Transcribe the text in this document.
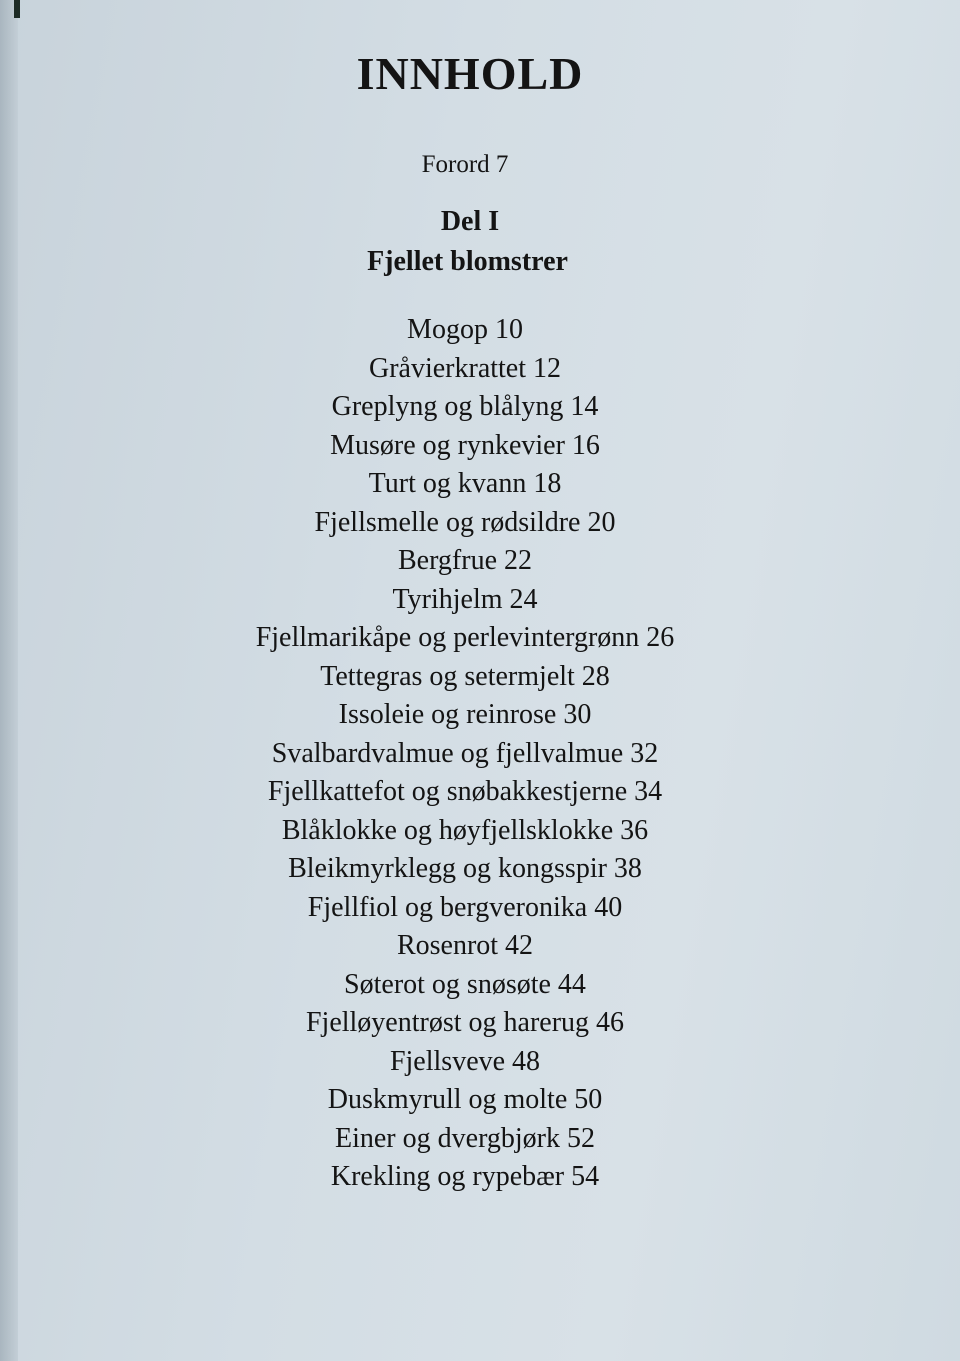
INNHOLD
Forord 7
Del I
Fjellet blomstrer
Mogop 10
Gråvierkrattet 12
Greplyng og blålyng 14
Musøre og rynkevier 16
Turt og kvann 18
Fjellsmelle og rødsildre 20
Bergfrue 22
Tyrihjelm 24
Fjellmarikåpe og perlevintergrønn 26
Tettegras og setermjelt 28
Issoleie og reinrose 30
Svalbardvalmue og fjellvalmue 32
Fjellkattefot og snøbakkestjerne 34
Blåklokke og høyfjellsklokke 36
Bleikmyrklegg og kongsspir 38
Fjellfiol og bergveronika 40
Rosenrot 42
Søterot og snøsøte 44
Fjelløyentrøst og harerug 46
Fjellsveve 48
Duskmyrull og molte 50
Einer og dvergbjørk 52
Krekling og rypebær 54
